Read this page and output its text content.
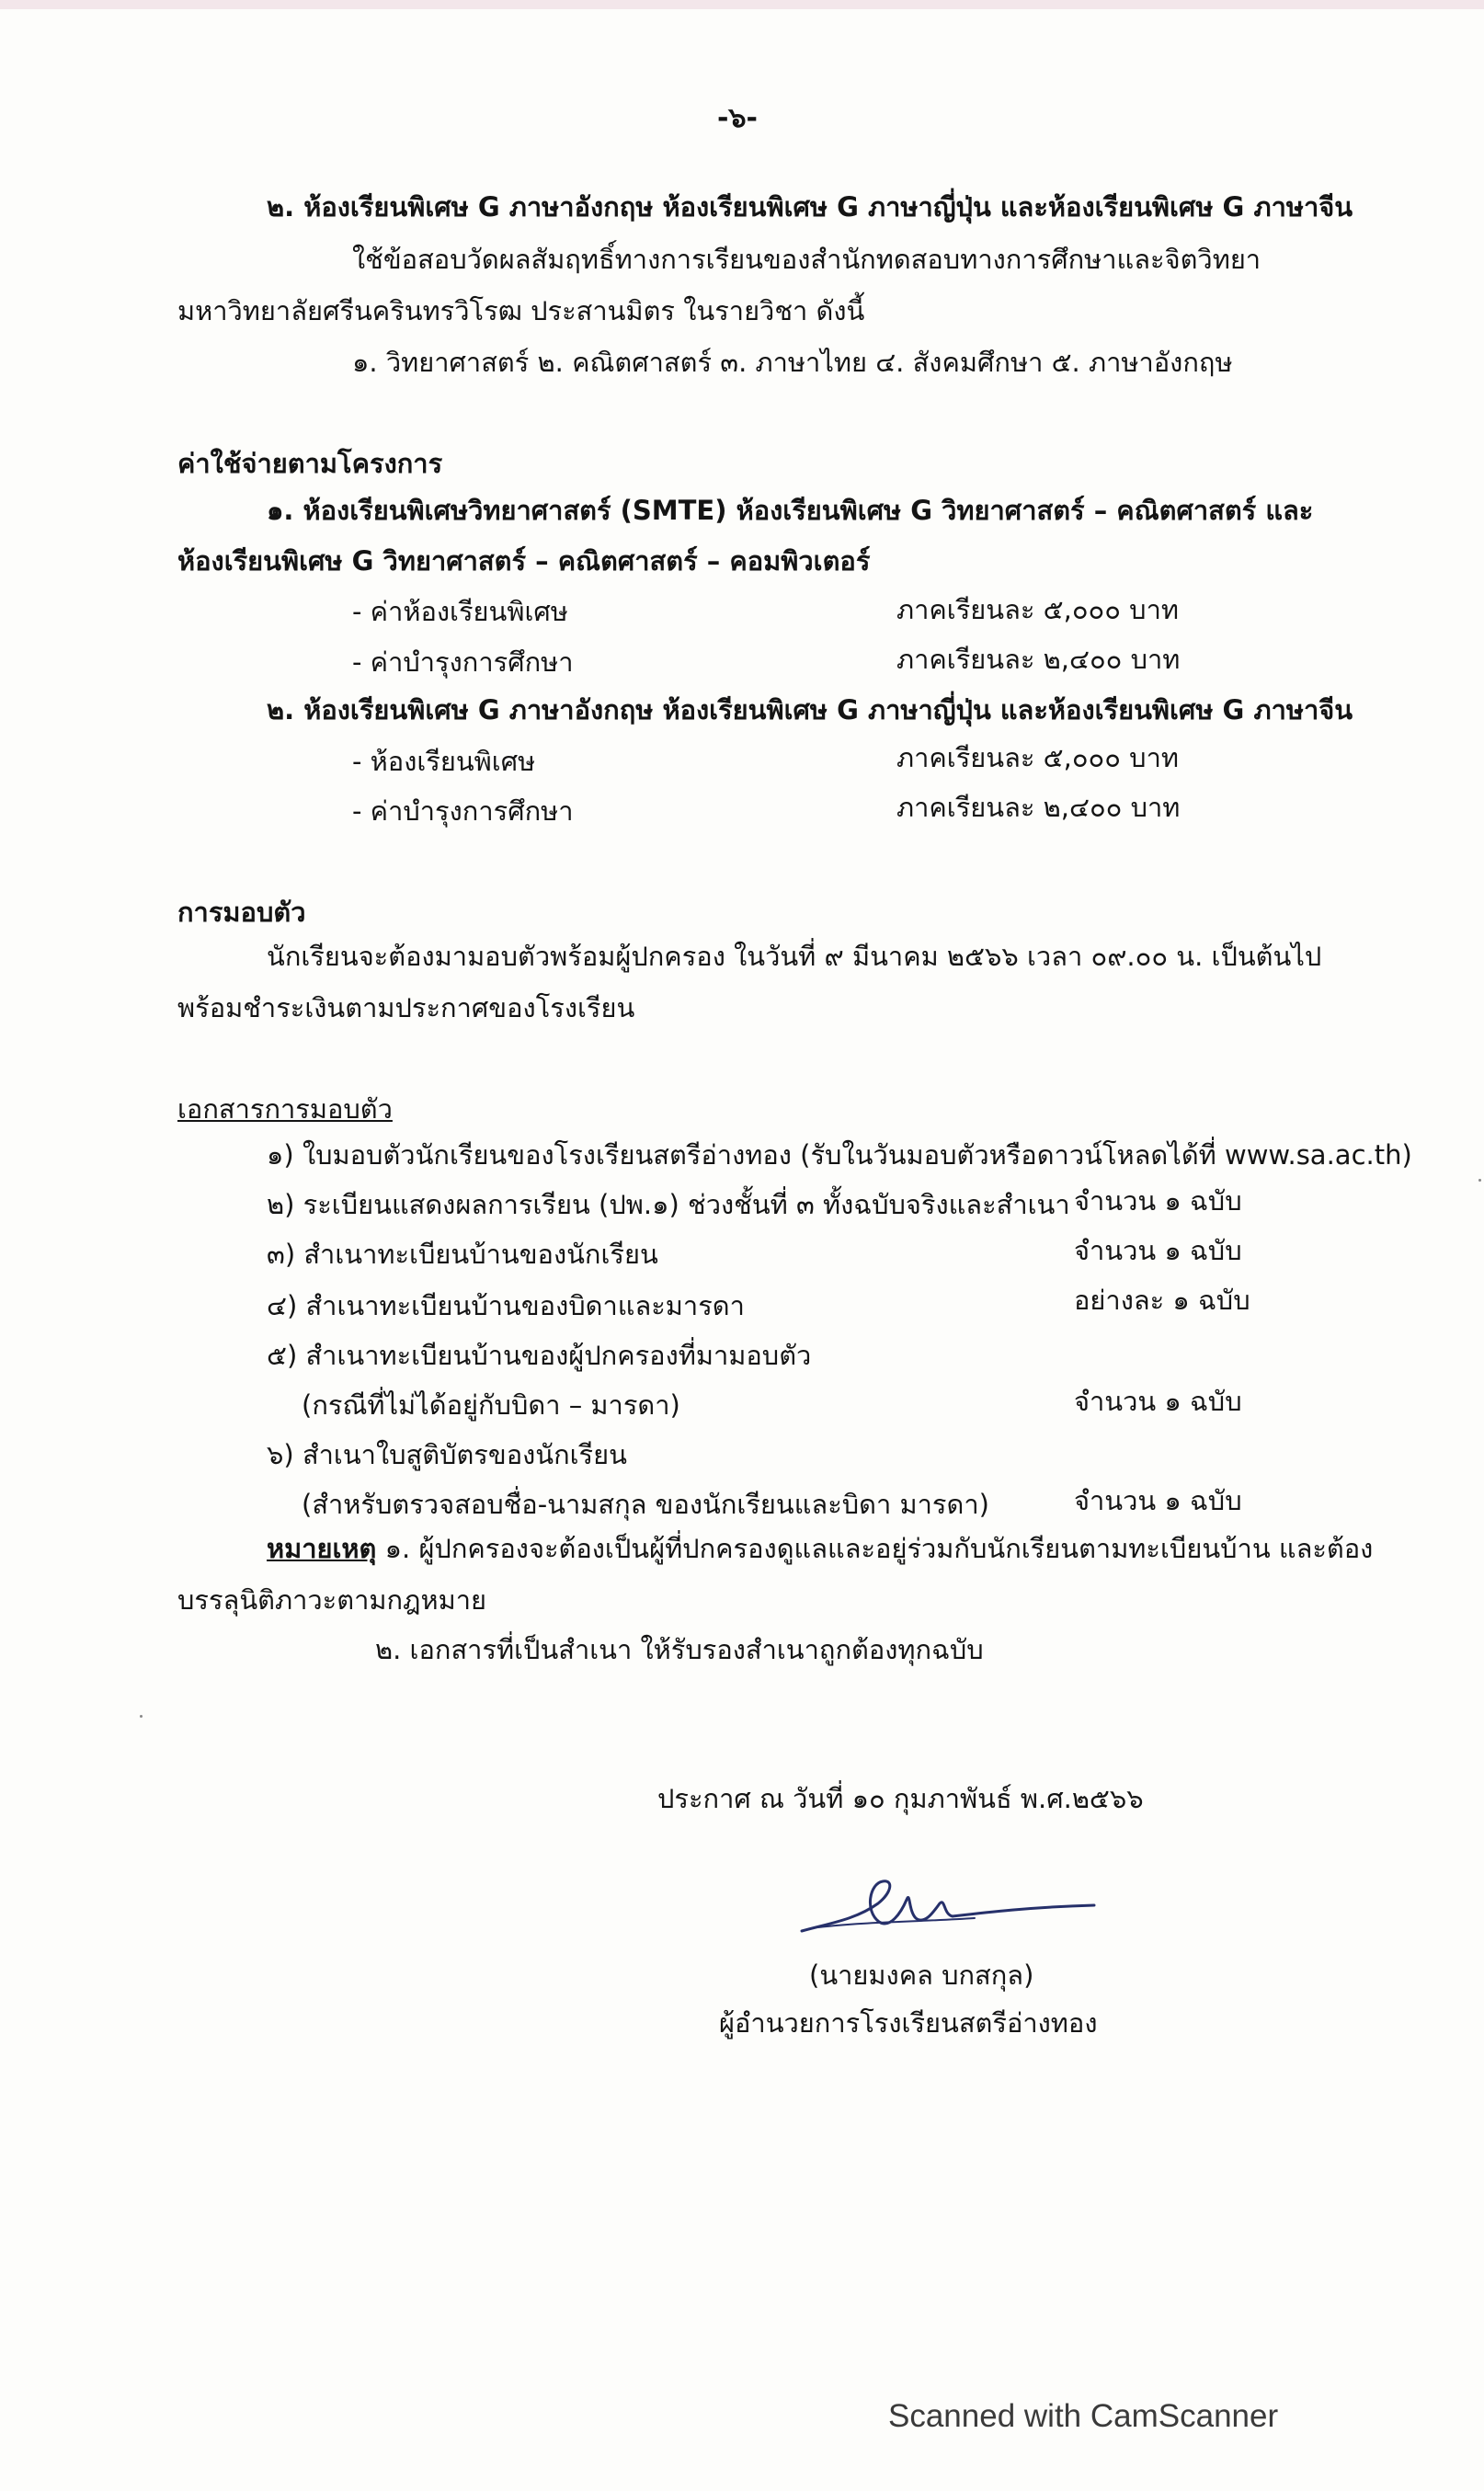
-๖-
๒. ห้องเรียนพิเศษ G ภาษาอังกฤษ ห้องเรียนพิเศษ G ภาษาญี่ปุ่น และห้องเรียนพิเศษ G ภาษาจีน
ใช้ข้อสอบวัดผลสัมฤทธิ์ทางการเรียนของสำนักทดสอบทางการศึกษาและจิตวิทยา
มหาวิทยาลัยศรีนครินทรวิโรฒ ประสานมิตร ในรายวิชา ดังนี้
๑. วิทยาศาสตร์ ๒. คณิตศาสตร์ ๓. ภาษาไทย ๔. สังคมศึกษา ๕. ภาษาอังกฤษ
ค่าใช้จ่ายตามโครงการ
๑. ห้องเรียนพิเศษวิทยาศาสตร์ (SMTE) ห้องเรียนพิเศษ G วิทยาศาสตร์ – คณิตศาสตร์ และ
ห้องเรียนพิเศษ G วิทยาศาสตร์ – คณิตศาสตร์ – คอมพิวเตอร์
- ค่าห้องเรียนพิเศษ	ภาคเรียนละ ๕,๐๐๐ บาท
- ค่าบำรุงการศึกษา	ภาคเรียนละ ๒,๔๐๐ บาท
๒. ห้องเรียนพิเศษ G ภาษาอังกฤษ ห้องเรียนพิเศษ G ภาษาญี่ปุ่น และห้องเรียนพิเศษ G ภาษาจีน
- ห้องเรียนพิเศษ	ภาคเรียนละ ๕,๐๐๐ บาท
- ค่าบำรุงการศึกษา	ภาคเรียนละ ๒,๔๐๐ บาท
การมอบตัว
นักเรียนจะต้องมามอบตัวพร้อมผู้ปกครอง ในวันที่ ๙ มีนาคม ๒๕๖๖ เวลา ๐๙.๐๐ น. เป็นต้นไป
พร้อมชำระเงินตามประกาศของโรงเรียน
เอกสารการมอบตัว
๑) ใบมอบตัวนักเรียนของโรงเรียนสตรีอ่างทอง (รับในวันมอบตัวหรือดาวน์โหลดได้ที่ www.sa.ac.th)
๒) ระเบียนแสดงผลการเรียน (ปพ.๑) ช่วงชั้นที่ ๓ ทั้งฉบับจริงและสำเนา จำนวน ๑ ฉบับ
๓) สำเนาทะเบียนบ้านของนักเรียน	จำนวน ๑ ฉบับ
๔) สำเนาทะเบียนบ้านของบิดาและมารดา	อย่างละ ๑ ฉบับ
๕) สำเนาทะเบียนบ้านของผู้ปกครองที่มามอบตัว
(กรณีที่ไม่ได้อยู่กับบิดา – มารดา)	จำนวน ๑ ฉบับ
๖) สำเนาใบสูติบัตรของนักเรียน
(สำหรับตรวจสอบชื่อ-นามสกุล ของนักเรียนและบิดา มารดา)	จำนวน ๑ ฉบับ
หมายเหตุ ๑. ผู้ปกครองจะต้องเป็นผู้ที่ปกครองดูแลและอยู่ร่วมกับนักเรียนตามทะเบียนบ้าน และต้อง
บรรลุนิติภาวะตามกฎหมาย
๒. เอกสารที่เป็นสำเนา ให้รับรองสำเนาถูกต้องทุกฉบับ
ประกาศ ณ วันที่ ๑๐ กุมภาพันธ์ พ.ศ.๒๕๖๖
(นายมงคล บกสกุล)
ผู้อำนวยการโรงเรียนสตรีอ่างทอง
Scanned with CamScanner
